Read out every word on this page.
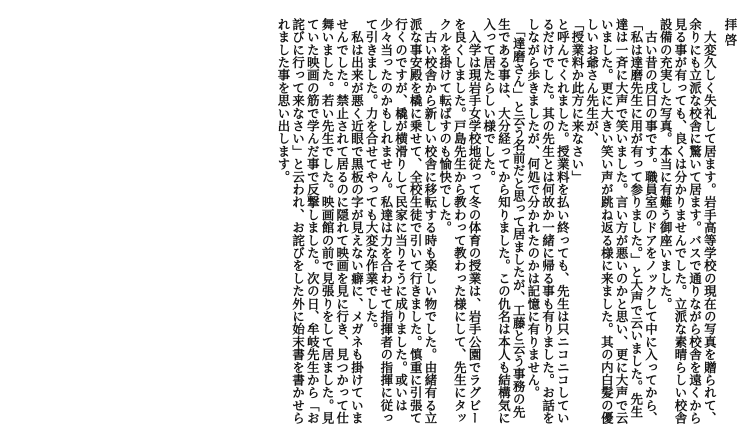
拝啓

大変久しく失礼して居ます。岩手高等学校の現在の写真を贈られて、余りにも立派な校舎に驚いて居ます。バスで通りながら校舎を遠くから見る事が有っても、良くは分かりませんでした。立派な素晴らしい校舎設備の充実した写真。本当に有難う御座いました。

古い昔の戌日の事です。職員室のドアをノックして中に入ってから、「私は達磨先生に用が有って参りました。」と大声で云いました。先生達は一斉に大声で笑いました。言い方が悪いのかと思い、更に大声で云いました。更に大きい笑い声が跳ね返る様に来ました。其の内白髪の優しいお爺さん先生が、

「授業料か此方に来なさい」

と呼んでくれました。授業料を払い終っても、先生は只ニコニコしているだけでした。其の先生とは何故か一緒に帰る事も有りました。お話をしながら歩きましたが、何処で分かれたのかは記憶に有りません。

「達磨さん」と云う名前だと思って居ましたが、工藤と云う事務の先生である事は、大分経ってから知りました。この仇名は本人も結構気に入って居たらしい様でした。

入学は現岩手女学校地従って冬の体育の授業は、岩手公園でラグビーを良くしました。戸島先生から教わって教わった様にして、先生にタックルを掛けて転ばすのも愉快でした。

古い校舎から新しい校舎に移転する時も楽しい物でした。由緒有る立派な事安殿を橇に乗せて、全校生徒で引いて行きました。慎重に引張て行くのですが、橇が横滑りして民家に当りそうに成りました。或いは少々当ったのかもしれません。私達は力を合わせて指揮者の指揮に従って引きました。力を合せてやっても大変な作業でした。

私は出来が悪く近眼で黒板の字が見えない癖に、メガネも掛けていませんでした。禁止されて居るのに隠れて映画を見に行き、見つかって仕舞いました。若い先生でした。映画館の前で見張りをして居ました。見ていた映画の筋で学んだ事で反撃しました。次の日、牟岐先生から「お詫びに行って来なさい」と云われ、お詫びをした外に始末書を書かせられました事を思い出します。
